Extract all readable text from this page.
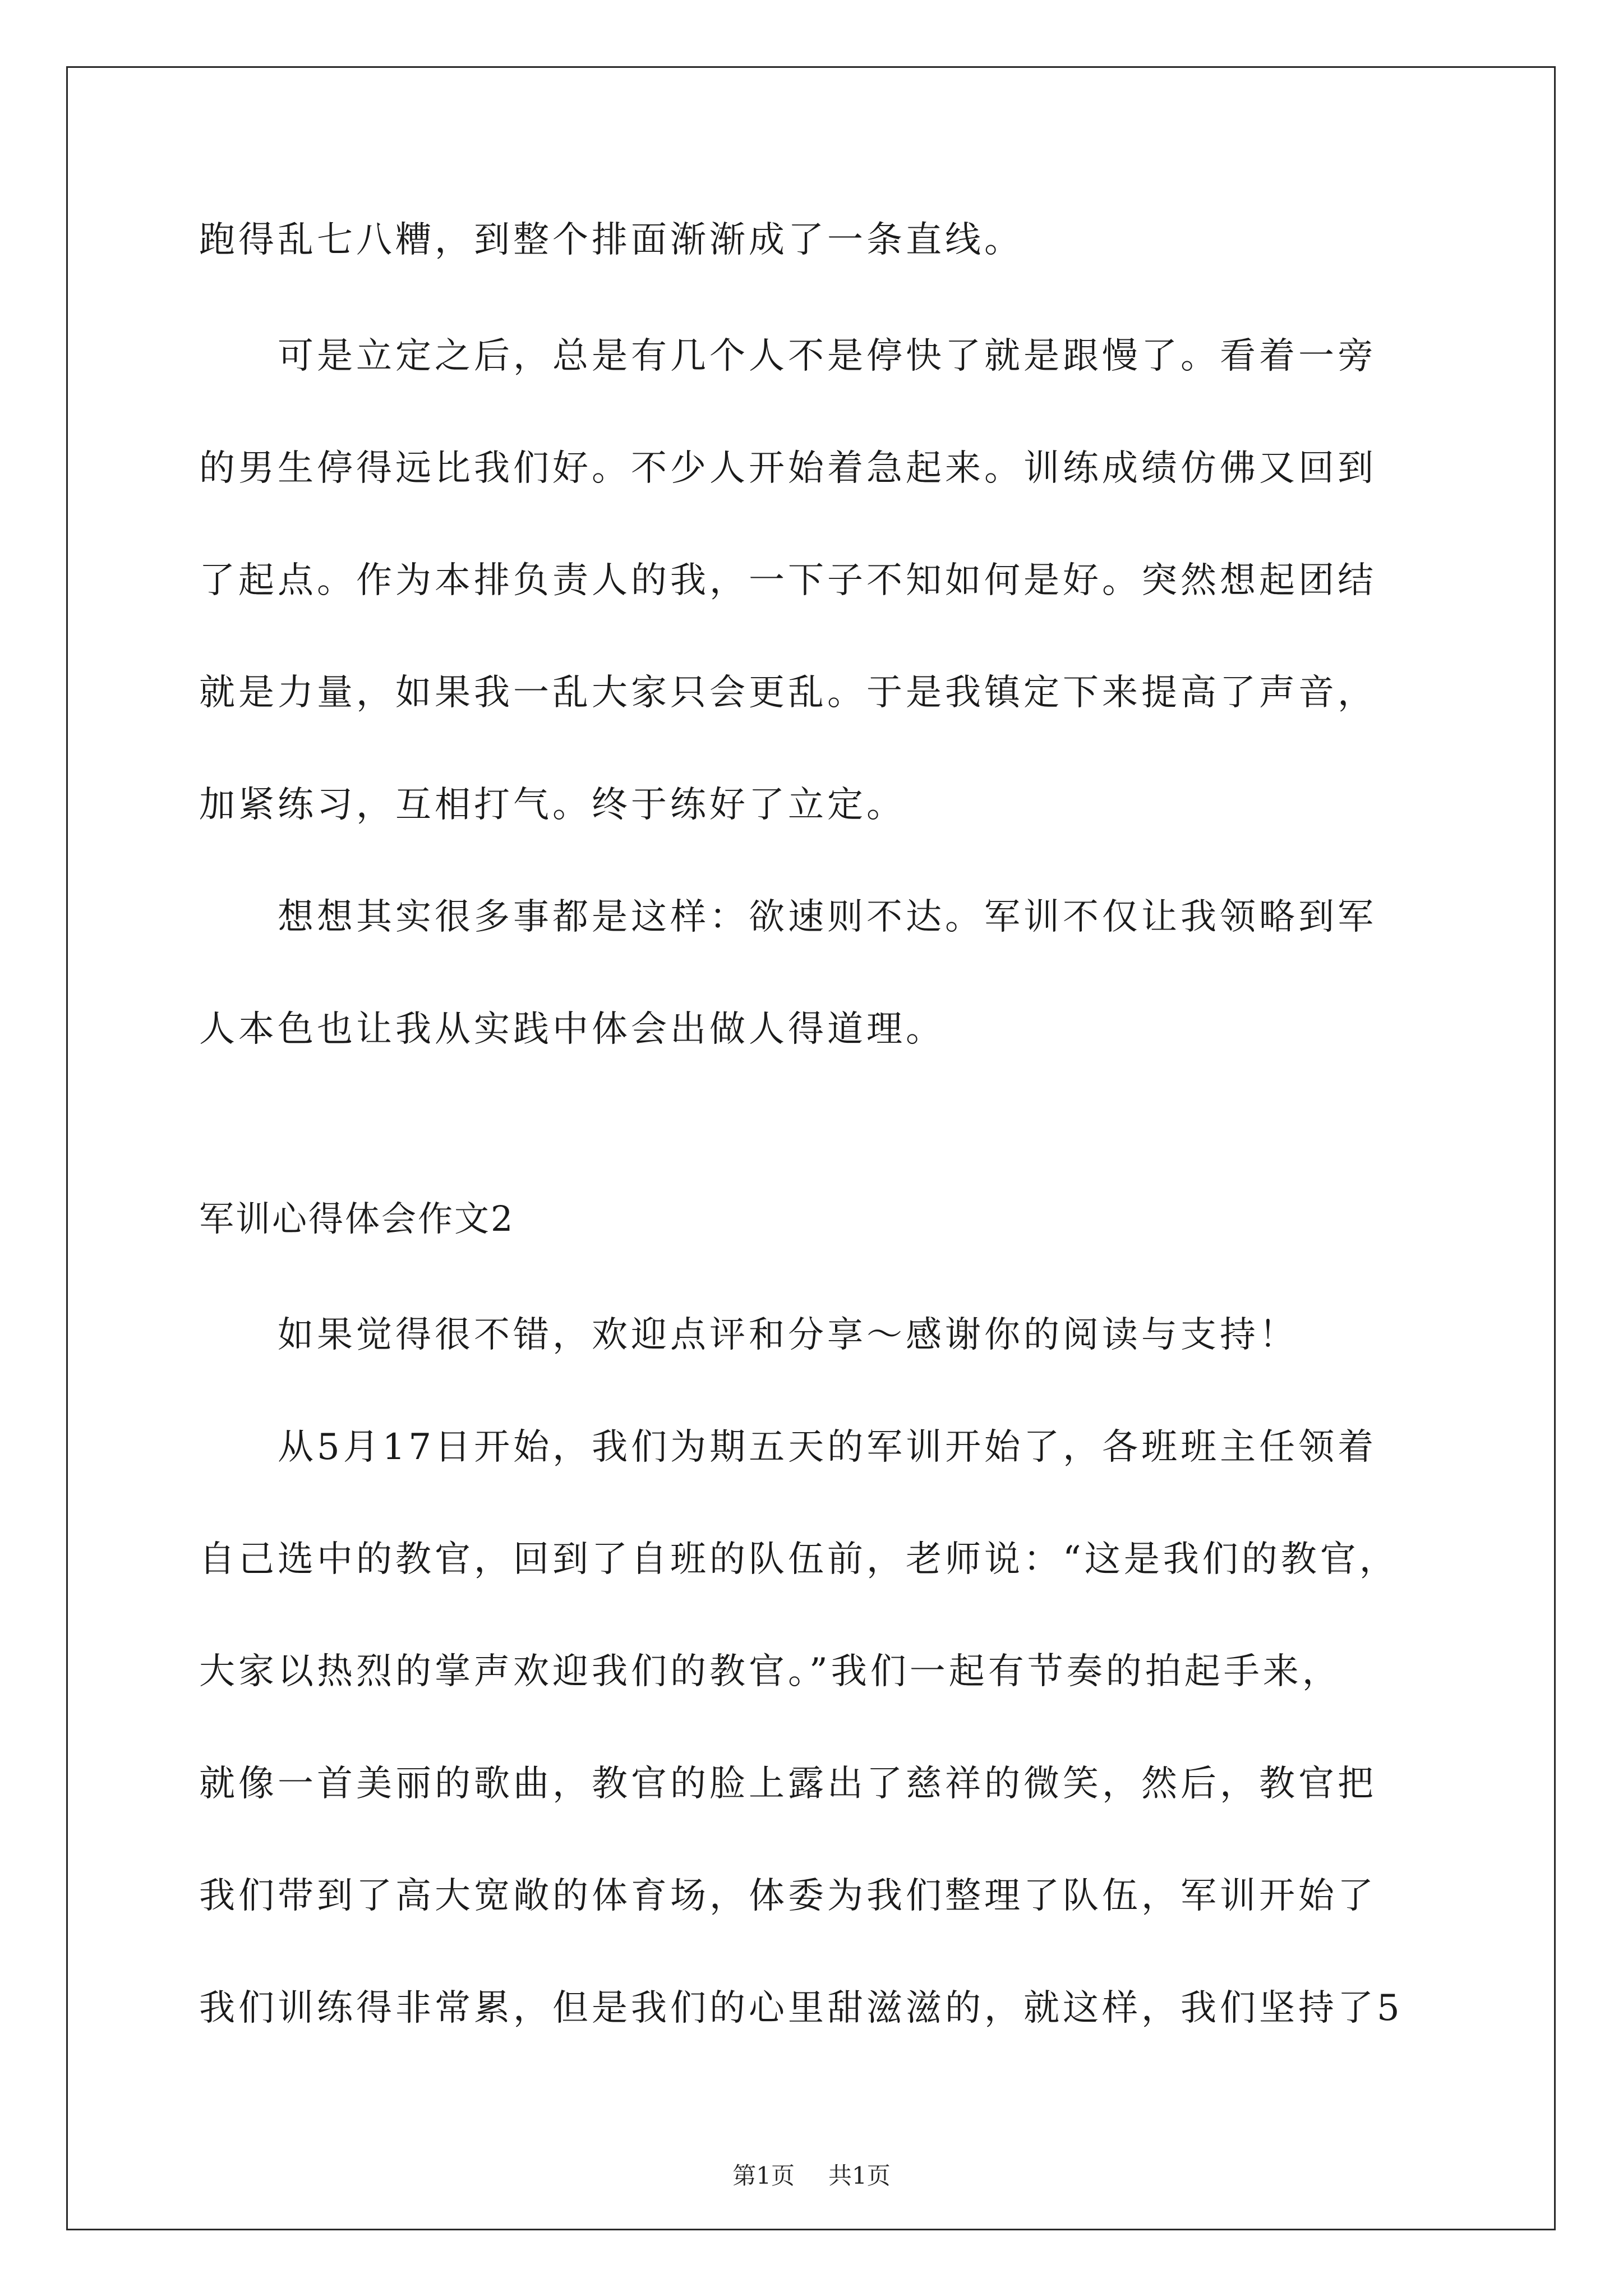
跑得乱七八糟，到整个排面渐渐成了一条直线。
　　可是立定之后，总是有几个人不是停快了就是跟慢了。看着一旁
的男生停得远比我们好。不少人开始着急起来。训练成绩仿佛又回到
了起点。作为本排负责人的我，一下子不知如何是好。突然想起团结
就是力量，如果我一乱大家只会更乱。于是我镇定下来提高了声音，
加紧练习，互相打气。终于练好了立定。
　　想想其实很多事都是这样：欲速则不达。军训不仅让我领略到军
人本色也让我从实践中体会出做人得道理。
军训心得体会作文2
　　如果觉得很不错，欢迎点评和分享～感谢你的阅读与支持！
　　从5月17日开始，我们为期五天的军训开始了，各班班主任领着
自己选中的教官，回到了自班的队伍前，老师说：“这是我们的教官，
大家以热烈的掌声欢迎我们的教官。”我们一起有节奏的拍起手来，
就像一首美丽的歌曲，教官的脸上露出了慈祥的微笑，然后，教官把
我们带到了高大宽敞的体育场，体委为我们整理了队伍，军训开始了
我们训练得非常累，但是我们的心里甜滋滋的，就这样，我们坚持了5
第1页 共1页
